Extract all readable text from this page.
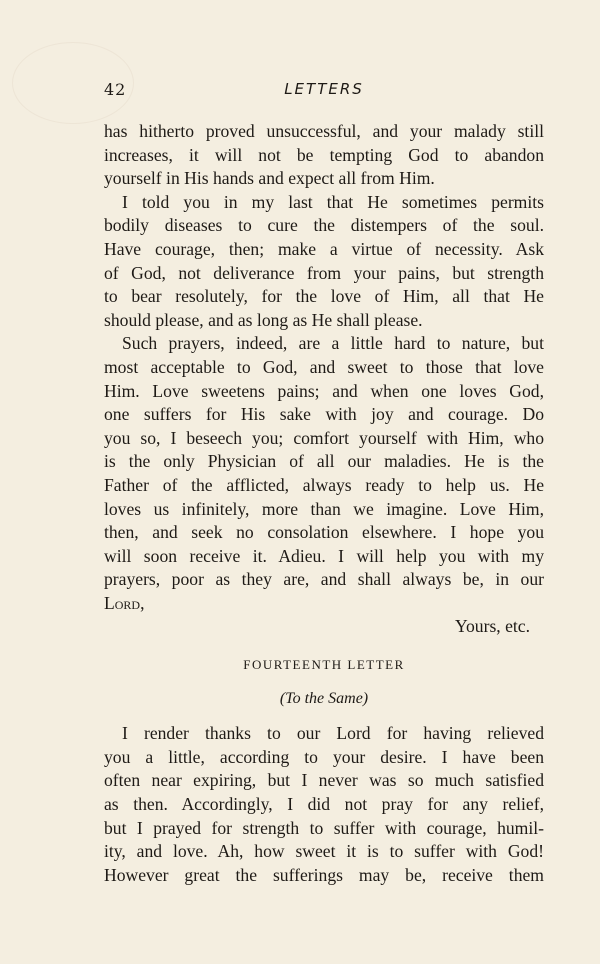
42	LETTERS
has hitherto proved unsuccessful, and your malady still
increases, it will not be tempting God to abandon
yourself in His hands and expect all from Him.
I told you in my last that He sometimes permits
bodily diseases to cure the distempers of the soul.
Have courage, then; make a virtue of necessity. Ask
of God, not deliverance from your pains, but strength
to bear resolutely, for the love of Him, all that He
should please, and as long as He shall please.
Such prayers, indeed, are a little hard to nature, but
most acceptable to God, and sweet to those that love
Him. Love sweetens pains; and when one loves God,
one suffers for His sake with joy and courage. Do
you so, I beseech you; comfort yourself with Him, who
is the only Physician of all our maladies. He is the
Father of the afflicted, always ready to help us. He
loves us infinitely, more than we imagine. Love Him,
then, and seek no consolation elsewhere. I hope you
will soon receive it. Adieu. I will help you with my
prayers, poor as they are, and shall always be, in our
Lord,
Yours, etc.
FOURTEENTH LETTER
(To the Same)
I render thanks to our Lord for having relieved
you a little, according to your desire. I have been
often near expiring, but I never was so much satisfied
as then. Accordingly, I did not pray for any relief,
but I prayed for strength to suffer with courage, humil-
ity, and love. Ah, how sweet it is to suffer with God!
However great the sufferings may be, receive them
